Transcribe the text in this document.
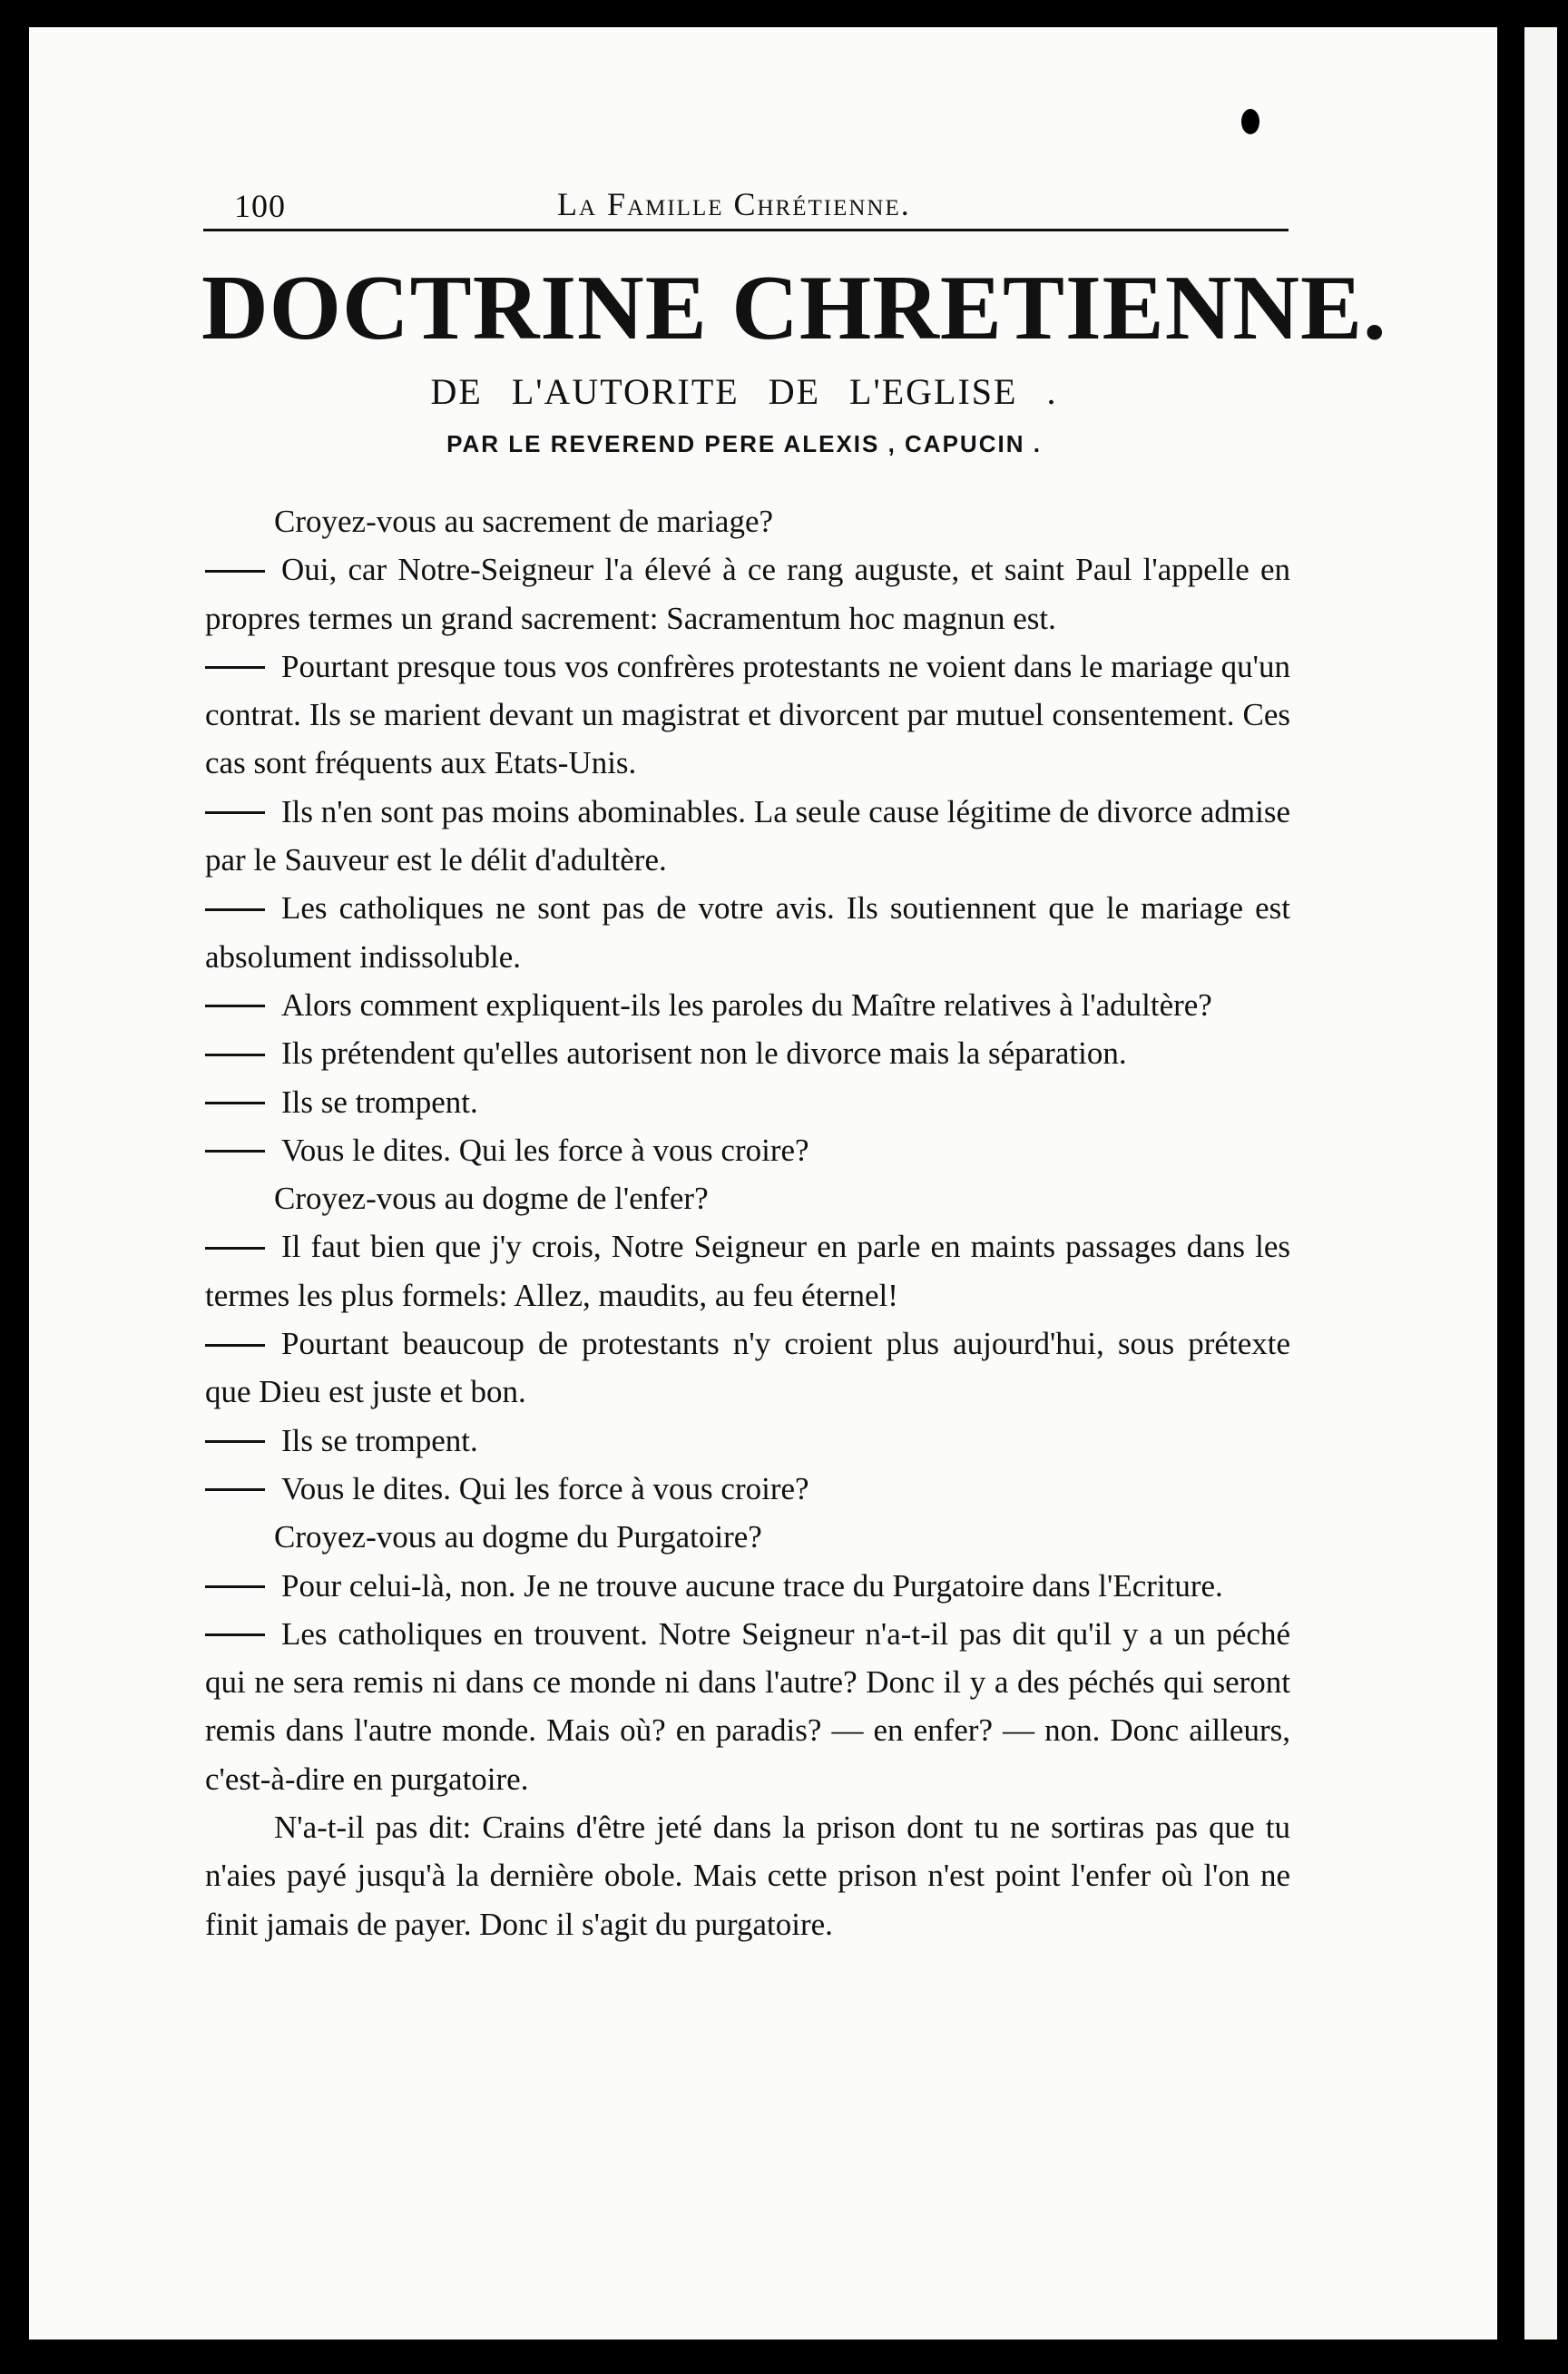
100	La Famille Chrétienne.
DOCTRINE CHRETIENNE.
DE L'AUTORITE DE L'EGLISE .
PAR LE REVEREND PERE ALEXIS , CAPUCIN .

Croyez-vous au sacrement de mariage?

Oui, car Notre-Seigneur l'a élevé à ce rang auguste, et saint Paul l'appelle en propres termes un grand sacrement: Sacramentum hoc magnun est.

Pourtant presque tous vos confrères protestants ne voient dans le mariage qu'un contrat. Ils se marient devant un magistrat et divorcent par mutuel consentement. Ces cas sont fréquents aux Etats-Unis.

Ils n'en sont pas moins abominables. La seule cause légitime de divorce admise par le Sauveur est le délit d'adultère.

Les catholiques ne sont pas de votre avis. Ils soutiennent que le mariage est absolument indissoluble.

Alors comment expliquent-ils les paroles du Maître relatives à l'adultère?

Ils prétendent qu'elles autorisent non le divorce mais la séparation.

Ils se trompent.

Vous le dites. Qui les force à vous croire?

Croyez-vous au dogme de l'enfer?

Il faut bien que j'y crois, Notre Seigneur en parle en maints passages dans les termes les plus formels: Allez, maudits, au feu éternel!

Pourtant beaucoup de protestants n'y croient plus aujourd'hui, sous prétexte que Dieu est juste et bon.

Ils se trompent.

Vous le dites. Qui les force à vous croire?

Croyez-vous au dogme du Purgatoire?

Pour celui-là, non. Je ne trouve aucune trace du Purgatoire dans l'Ecriture.

Les catholiques en trouvent. Notre Seigneur n'a-t-il pas dit qu'il y a un péché qui ne sera remis ni dans ce monde ni dans l'autre? Donc il y a des péchés qui seront remis dans l'autre monde. Mais où? en paradis? — en enfer? — non. Donc ailleurs, c'est-à-dire en purgatoire.

N'a-t-il pas dit: Crains d'être jeté dans la prison dont tu ne sortiras pas que tu n'aies payé jusqu'à la dernière obole. Mais cette prison n'est point l'enfer où l'on ne finit jamais de payer. Donc il s'agit du purgatoire.
